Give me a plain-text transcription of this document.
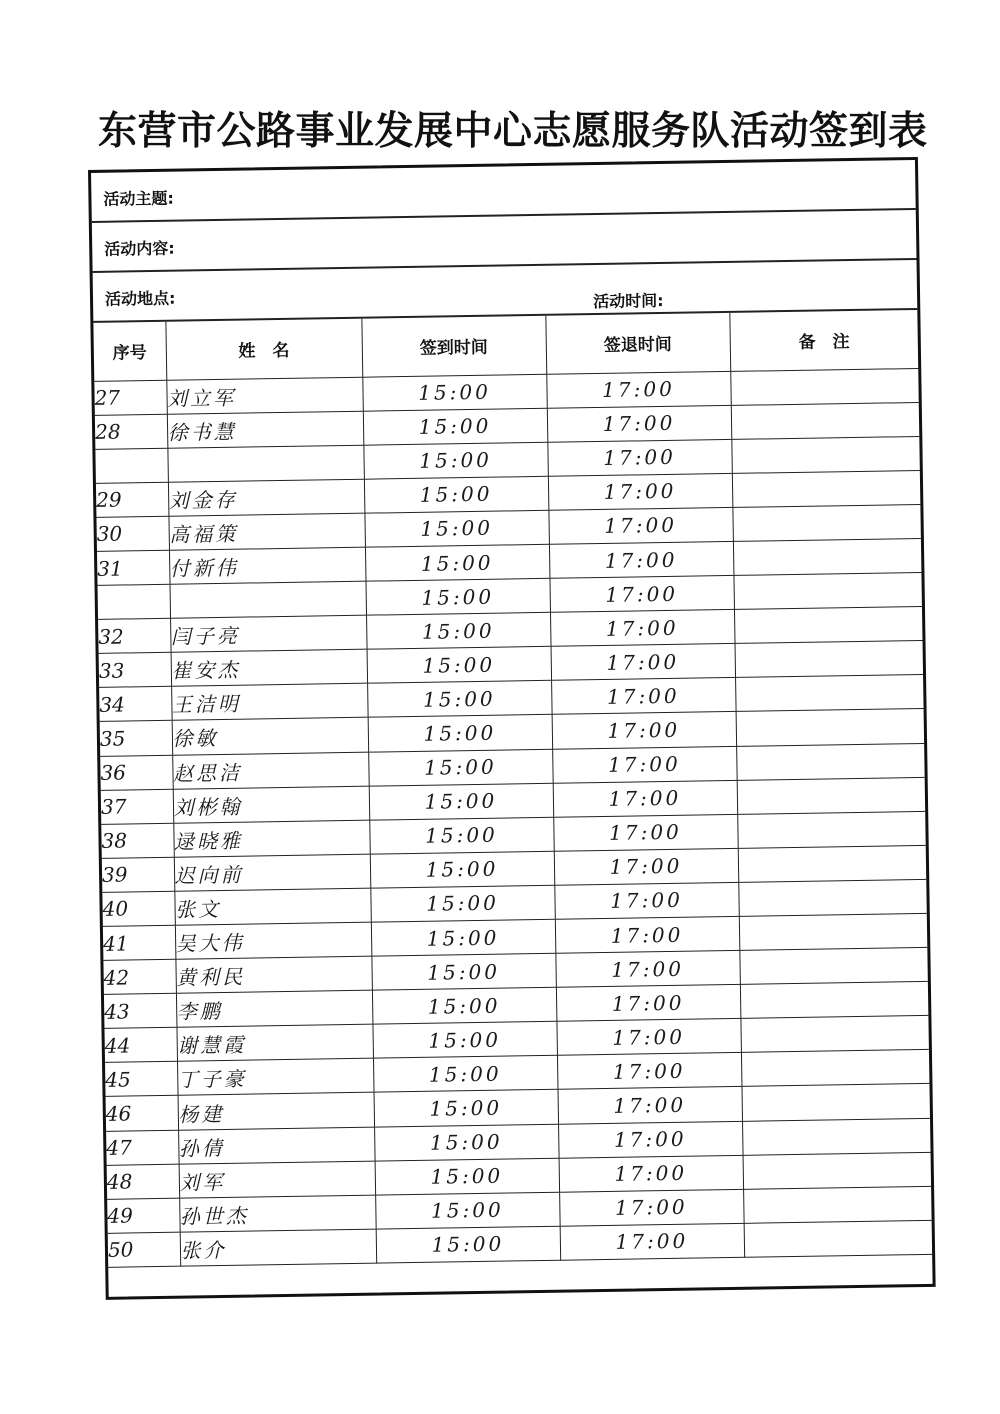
东营市公路事业发展中心志愿服务队活动签到表
活动主题:
活动内容:
活动地点:	活动时间:
序号	姓　名	签到时间	签退时间	备　注
27	刘立军	15:00	17:00	
28	徐书慧	15:00	17:00	
		15:00	17:00	
29	刘金存	15:00	17:00	
30	高福策	15:00	17:00	
31	付新伟	15:00	17:00	
		15:00	17:00	
32	闫子亮	15:00	17:00	
33	崔安杰	15:00	17:00	
34	王洁明	15:00	17:00	
35	徐敏	15:00	17:00	
36	赵思洁	15:00	17:00	
37	刘彬翰	15:00	17:00	
38	逯晓雅	15:00	17:00	
39	迟向前	15:00	17:00	
40	张文	15:00	17:00	
41	吴大伟	15:00	17:00	
42	黄利民	15:00	17:00	
43	李鹏	15:00	17:00	
44	谢慧霞	15:00	17:00	
45	丁子豪	15:00	17:00	
46	杨建	15:00	17:00	
47	孙倩	15:00	17:00	
48	刘军	15:00	17:00	
49	孙世杰	15:00	17:00	
50	张介	15:00	17:00	
